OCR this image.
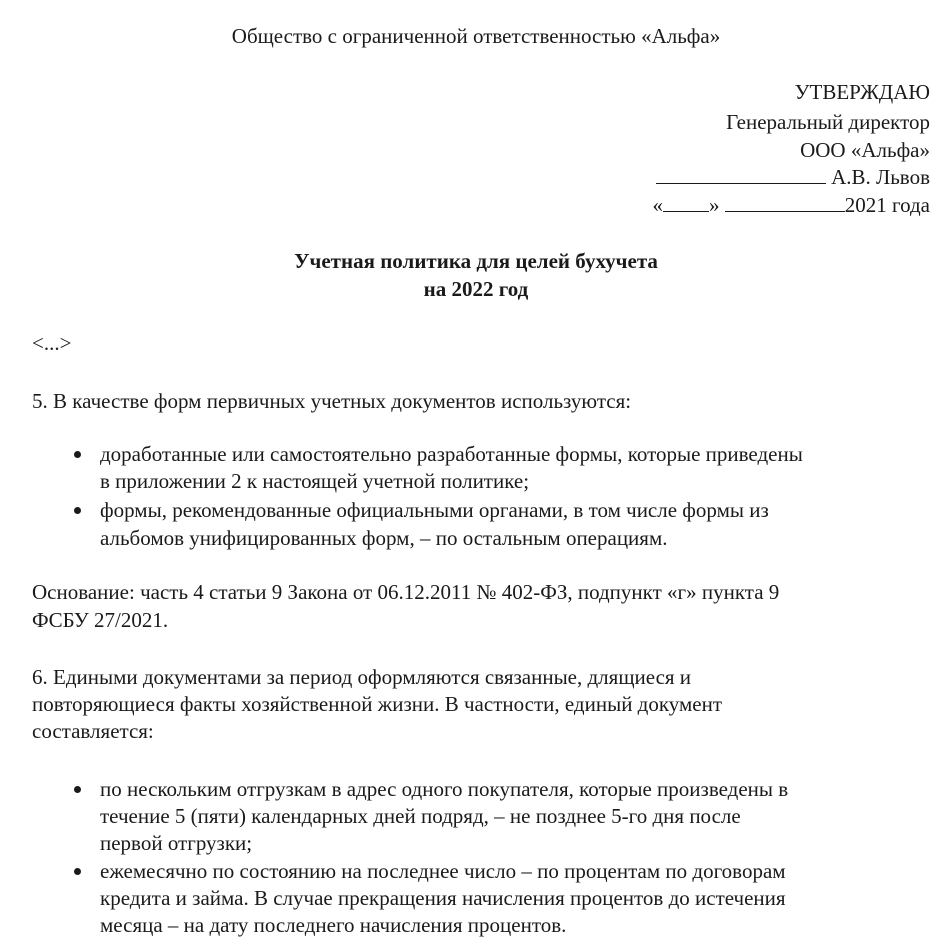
Общество с ограниченной ответственностью «Альфа»
УТВЕРЖДАЮ
Генеральный директор
ООО «Альфа»
А.В. Львов
« »	2021 года
Учетная политика для целей бухучета
на 2022 год
<...>
5. В качестве форм первичных учетных документов используются:
доработанные или самостоятельно разработанные формы, которые приведены
в приложении 2 к настоящей учетной политике;
формы, рекомендованные официальными органами, в том числе формы из
альбомов унифицированных форм, – по остальным операциям.
Основание: часть 4 статьи 9 Закона от 06.12.2011 № 402-ФЗ, подпункт «г» пункта 9
ФСБУ 27/2021.
6. Едиными документами за период оформляются связанные, длящиеся и
повторяющиеся факты хозяйственной жизни. В частности, единый документ
составляется:
по нескольким отгрузкам в адрес одного покупателя, которые произведены в
течение 5 (пяти) календарных дней подряд, – не позднее 5-го дня после
первой отгрузки;
ежемесячно по состоянию на последнее число – по процентам по договорам
кредита и займа. В случае прекращения начисления процентов до истечения
месяца – на дату последнего начисления процентов.
